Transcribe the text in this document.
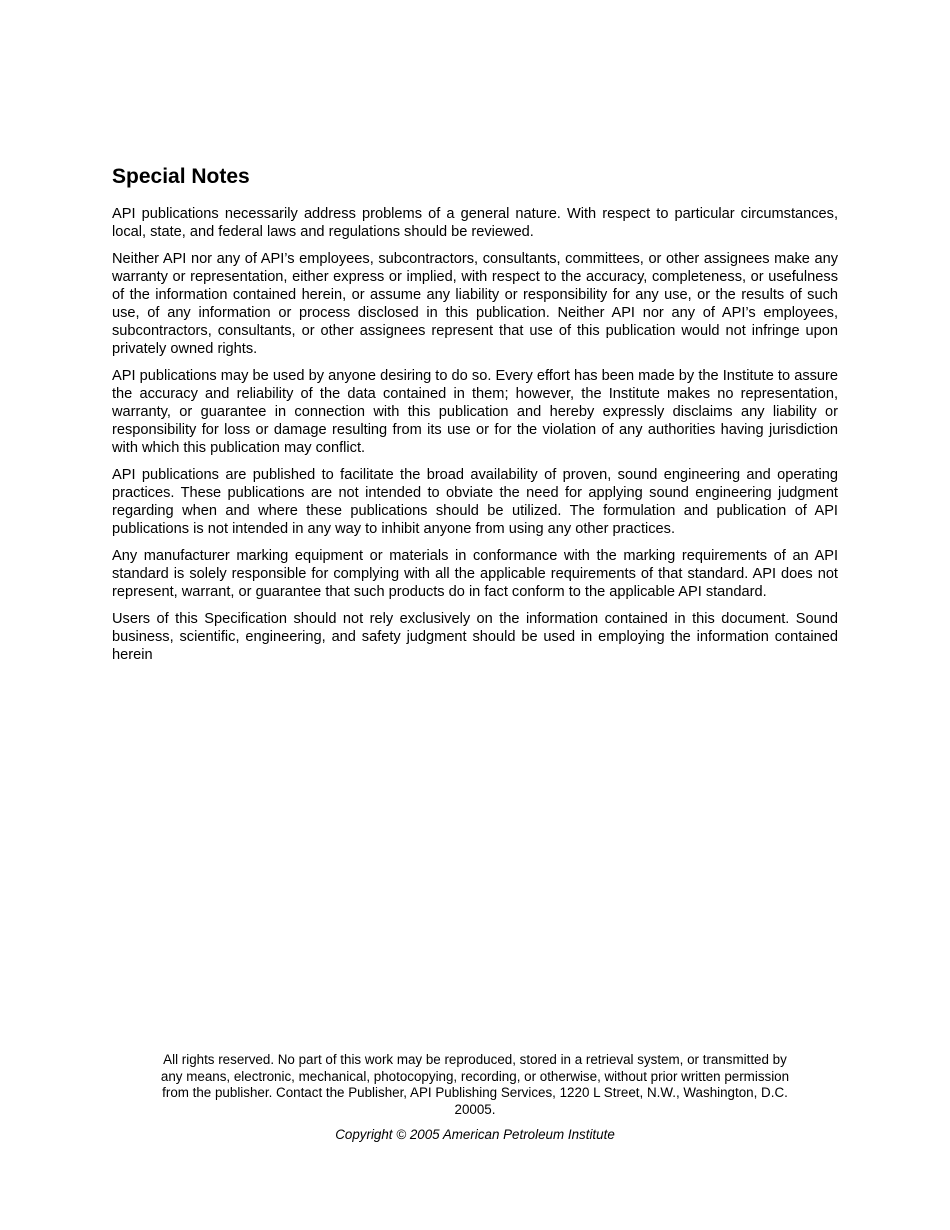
Special Notes

API publications necessarily address problems of a general nature. With respect to particular circumstances, local, state, and federal laws and regulations should be reviewed.

Neither API nor any of API’s employees, subcontractors, consultants, committees, or other assignees make any warranty or representation, either express or implied, with respect to the accuracy, completeness, or usefulness of the information contained herein, or assume any liability or responsibility for any use, or the results of such use, of any information or process disclosed in this publication. Neither API nor any of API’s employees, subcontractors, consultants, or other assignees represent that use of this publication would not infringe upon privately owned rights.

API publications may be used by anyone desiring to do so. Every effort has been made by the Institute to assure the accuracy and reliability of the data contained in them; however, the Institute makes no representation, warranty, or guarantee in connection with this publication and hereby expressly disclaims any liability or responsibility for loss or damage resulting from its use or for the violation of any authorities having jurisdiction with which this publication may conflict.

API publications are published to facilitate the broad availability of proven, sound engineering and operating practices. These publications are not intended to obviate the need for applying sound engineering judgment regarding when and where these publications should be utilized. The formulation and publication of API publications is not intended in any way to inhibit anyone from using any other practices.

Any manufacturer marking equipment or materials in conformance with the marking requirements of an API standard is solely responsible for complying with all the applicable requirements of that standard. API does not represent, warrant, or guarantee that such products do in fact conform to the applicable API standard.

Users of this Specification should not rely exclusively on the information contained in this document. Sound business, scientific, engineering, and safety judgment should be used in employing the information contained herein

All rights reserved. No part of this work may be reproduced, stored in a retrieval system, or transmitted by any means, electronic, mechanical, photocopying, recording, or otherwise, without prior written permission from the publisher. Contact the Publisher, API Publishing Services, 1220 L Street, N.W., Washington, D.C. 20005.

Copyright © 2005 American Petroleum Institute
